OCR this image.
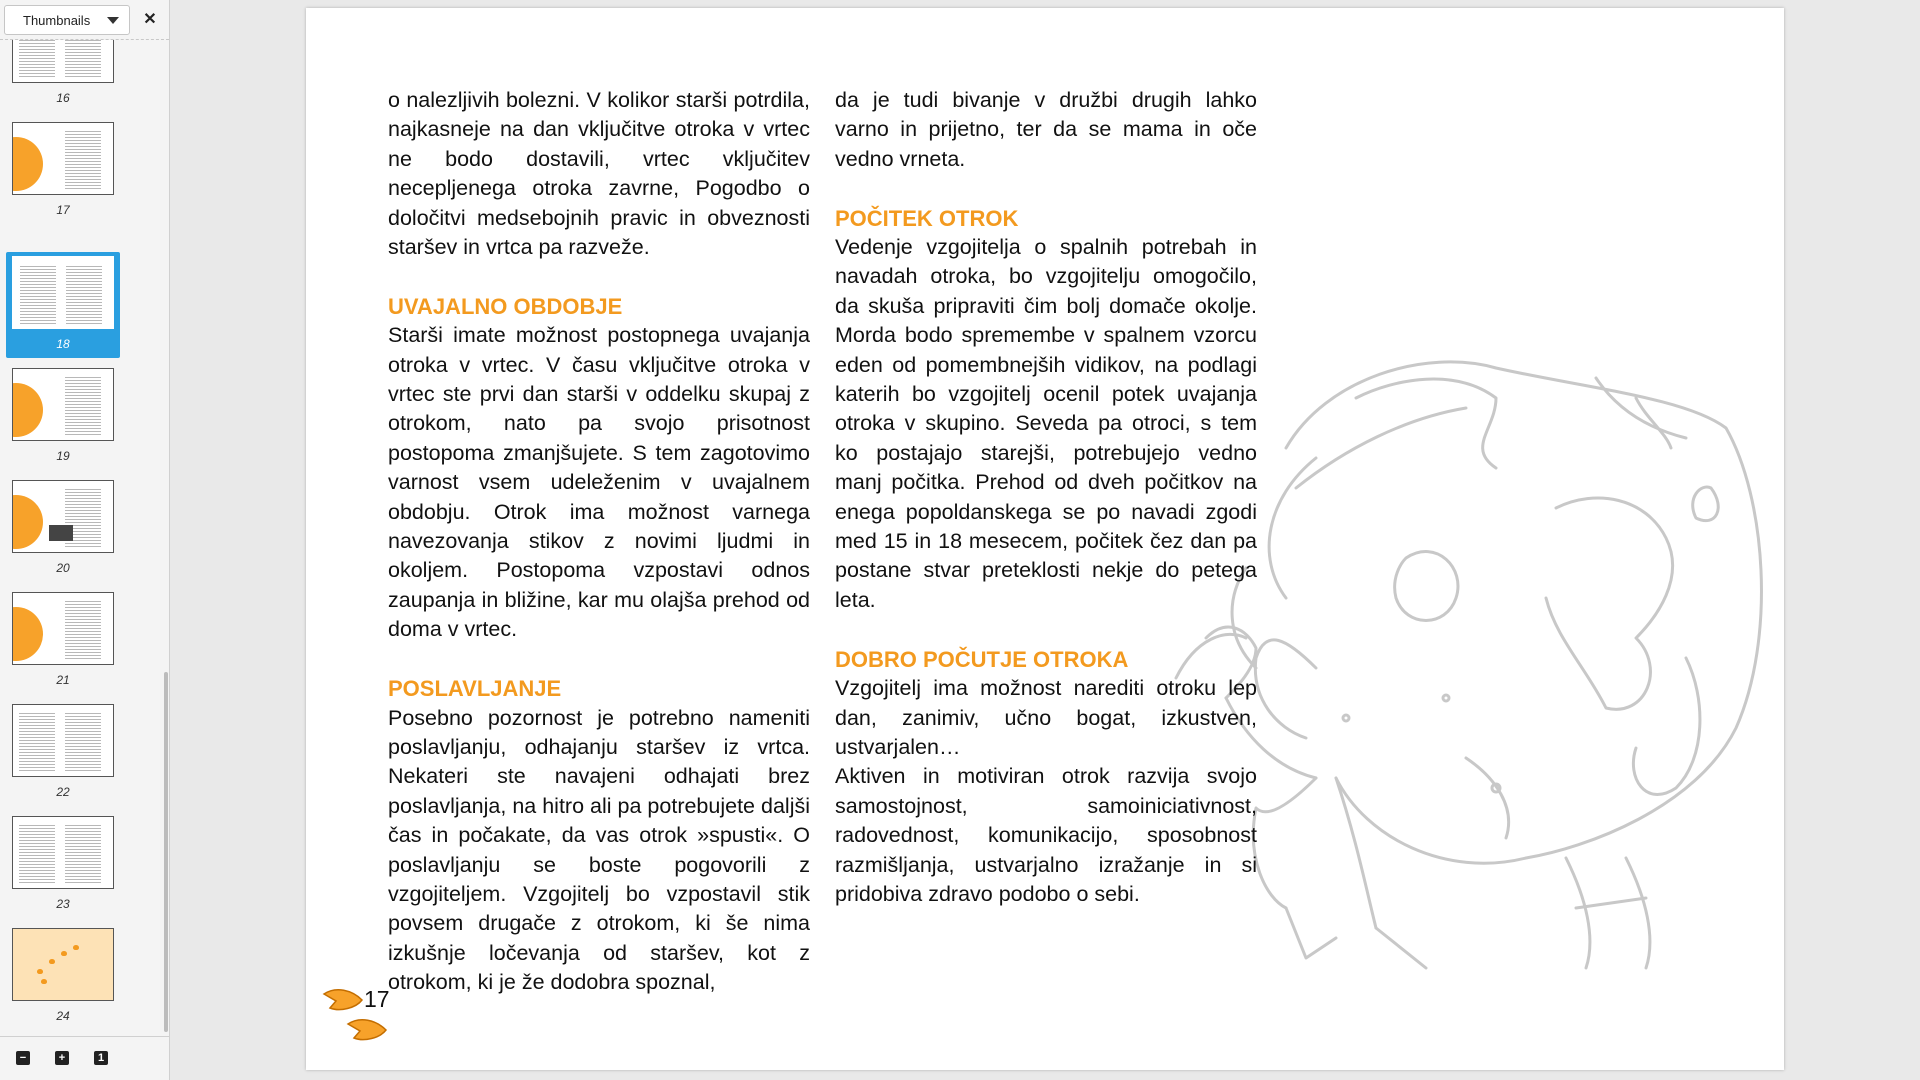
Thumbnails	✕
16
17
18
19
20
21
22
23
24
−	+	1

o nalezljivih bolezni. V kolikor starši potrdila, najkasneje na dan vključitve otroka v vrtec ne bodo dostavili, vrtec vključitev necepljenega otroka zavrne, Pogodbo o določitvi medsebojnih pravic in obveznosti staršev in vrtca pa razveže.

UVAJALNO OBDOBJE

Starši imate možnost postopnega uvajanja otroka v vrtec. V času vključitve otroka v vrtec ste prvi dan starši v oddelku skupaj z otrokom, nato pa svojo prisotnost postopoma zmanjšujete. S tem zagotovimo varnost vsem udeleženim v uvajalnem obdobju. Otrok ima možnost varnega navezovanja stikov z novimi ljudmi in okoljem. Postopoma vzpostavi odnos zaupanja in bližine, kar mu olajša prehod od doma v vrtec.

POSLAVLJANJE

Posebno pozornost je potrebno nameniti poslavljanju, odhajanju staršev iz vrtca. Nekateri ste navajeni odhajati brez poslavljanja, na hitro ali pa potrebujete daljši čas in počakate, da vas otrok »spusti«. O poslavljanju se boste pogovorili z vzgojiteljem. Vzgojitelj bo vzpostavil stik povsem drugače z otrokom, ki še nima izkušnje ločevanja od staršev, kot z otrokom, ki je že dodobra spoznal,

da je tudi bivanje v družbi drugih lahko varno in prijetno, ter da se mama in oče vedno vrneta.

POČITEK OTROK

Vedenje vzgojitelja o spalnih potrebah in navadah otroka, bo vzgojitelju omogočilo, da skuša pripraviti čim bolj domače okolje. Morda bodo spremembe v spalnem vzorcu eden od pomembnejših vidikov, na podlagi katerih bo vzgojitelj ocenil potek uvajanja otroka v skupino. Seveda pa otroci, s tem ko postajajo starejši, potrebujejo vedno manj počitka. Prehod od dveh počitkov na enega popoldanskega se po navadi zgodi med 15 in 18 mesecem, počitek čez dan pa postane stvar preteklosti nekje do petega leta.

DOBRO POČUTJE OTROKA

Vzgojitelj ima možnost narediti otroku lep dan, zanimiv, učno bogat, izkustven, ustvarjalen…

Aktiven in motiviran otrok razvija svojo samostojnost, samoiniciativnost, radovednost, komunikacijo, sposobnost razmišljanja, ustvarjalno izražanje in si pridobiva zdravo podobo o sebi.

17
